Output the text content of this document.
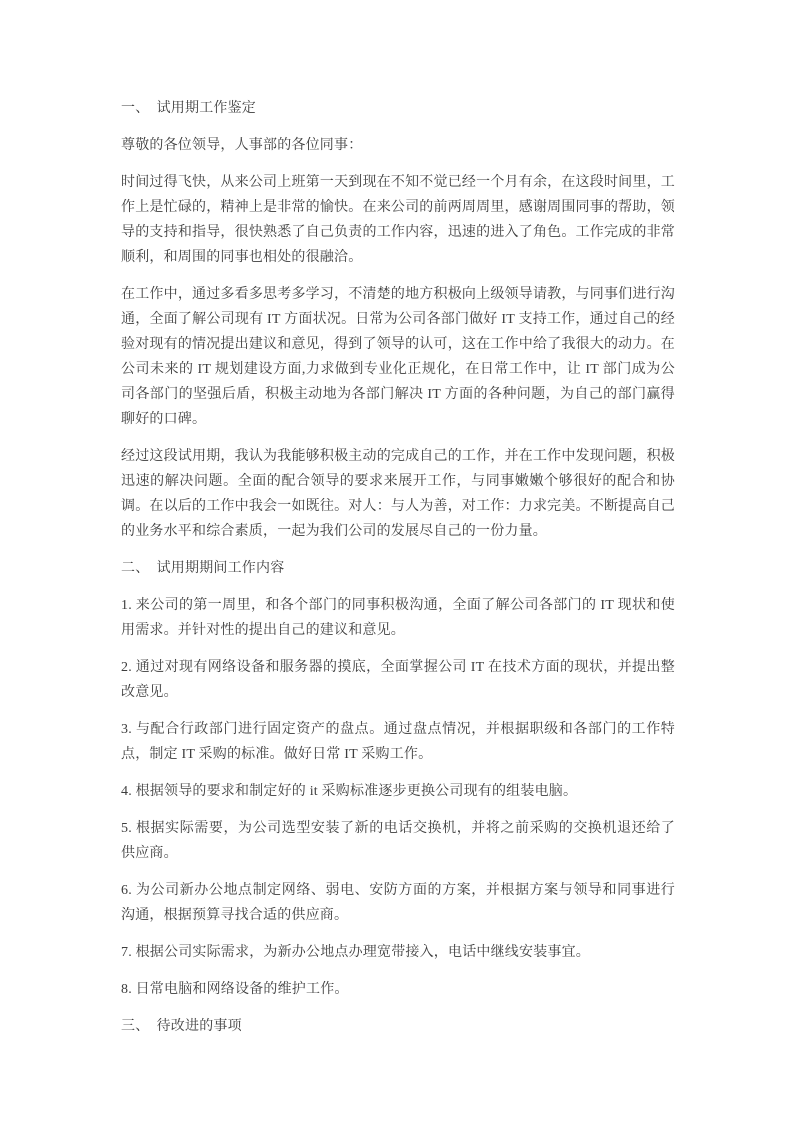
一、　试用期工作鉴定
尊敬的各位领导，人事部的各位同事：
时间过得飞快，从来公司上班第一天到现在不知不觉已经一个月有余，在这段时间里，工作上是忙碌的，精神上是非常的愉快。在来公司的前两周周里，感谢周围同事的帮助，领导的支持和指导，很快熟悉了自己负责的工作内容，迅速的进入了角色。工作完成的非常顺利，和周围的同事也相处的很融洽。
在工作中，通过多看多思考多学习，不清楚的地方积极向上级领导请教，与同事们进行沟通，全面了解公司现有 IT 方面状况。日常为公司各部门做好 IT 支持工作，通过自己的经验对现有的情况提出建议和意见，得到了领导的认可，这在工作中给了我很大的动力。在公司未来的 IT 规划建设方面,力求做到专业化正规化，在日常工作中，让 IT 部门成为公司各部门的坚强后盾，积极主动地为各部门解决 IT 方面的各种问题，为自己的部门赢得聊好的口碑。
经过这段试用期，我认为我能够积极主动的完成自己的工作，并在工作中发现问题，积极迅速的解决问题。全面的配合领导的要求来展开工作，与同事嫩嫩个够很好的配合和协调。在以后的工作中我会一如既往。对人：与人为善，对工作：力求完美。不断提高自己的业务水平和综合素质，一起为我们公司的发展尽自己的一份力量。
二、　试用期期间工作内容
1. 来公司的第一周里，和各个部门的同事积极沟通，全面了解公司各部门的 IT 现状和使用需求。并针对性的提出自己的建议和意见。
2. 通过对现有网络设备和服务器的摸底，全面掌握公司 IT 在技术方面的现状，并提出整改意见。
3. 与配合行政部门进行固定资产的盘点。通过盘点情况，并根据职级和各部门的工作特点，制定 IT 采购的标准。做好日常 IT 采购工作。
4. 根据领导的要求和制定好的 it 采购标准逐步更换公司现有的组装电脑。
5. 根据实际需要，为公司选型安装了新的电话交换机，并将之前采购的交换机退还给了供应商。
6. 为公司新办公地点制定网络、弱电、安防方面的方案，并根据方案与领导和同事进行沟通，根据预算寻找合适的供应商。
7. 根据公司实际需求，为新办公地点办理宽带接入，电话中继线安装事宜。
8. 日常电脑和网络设备的维护工作。
三、　待改进的事项
